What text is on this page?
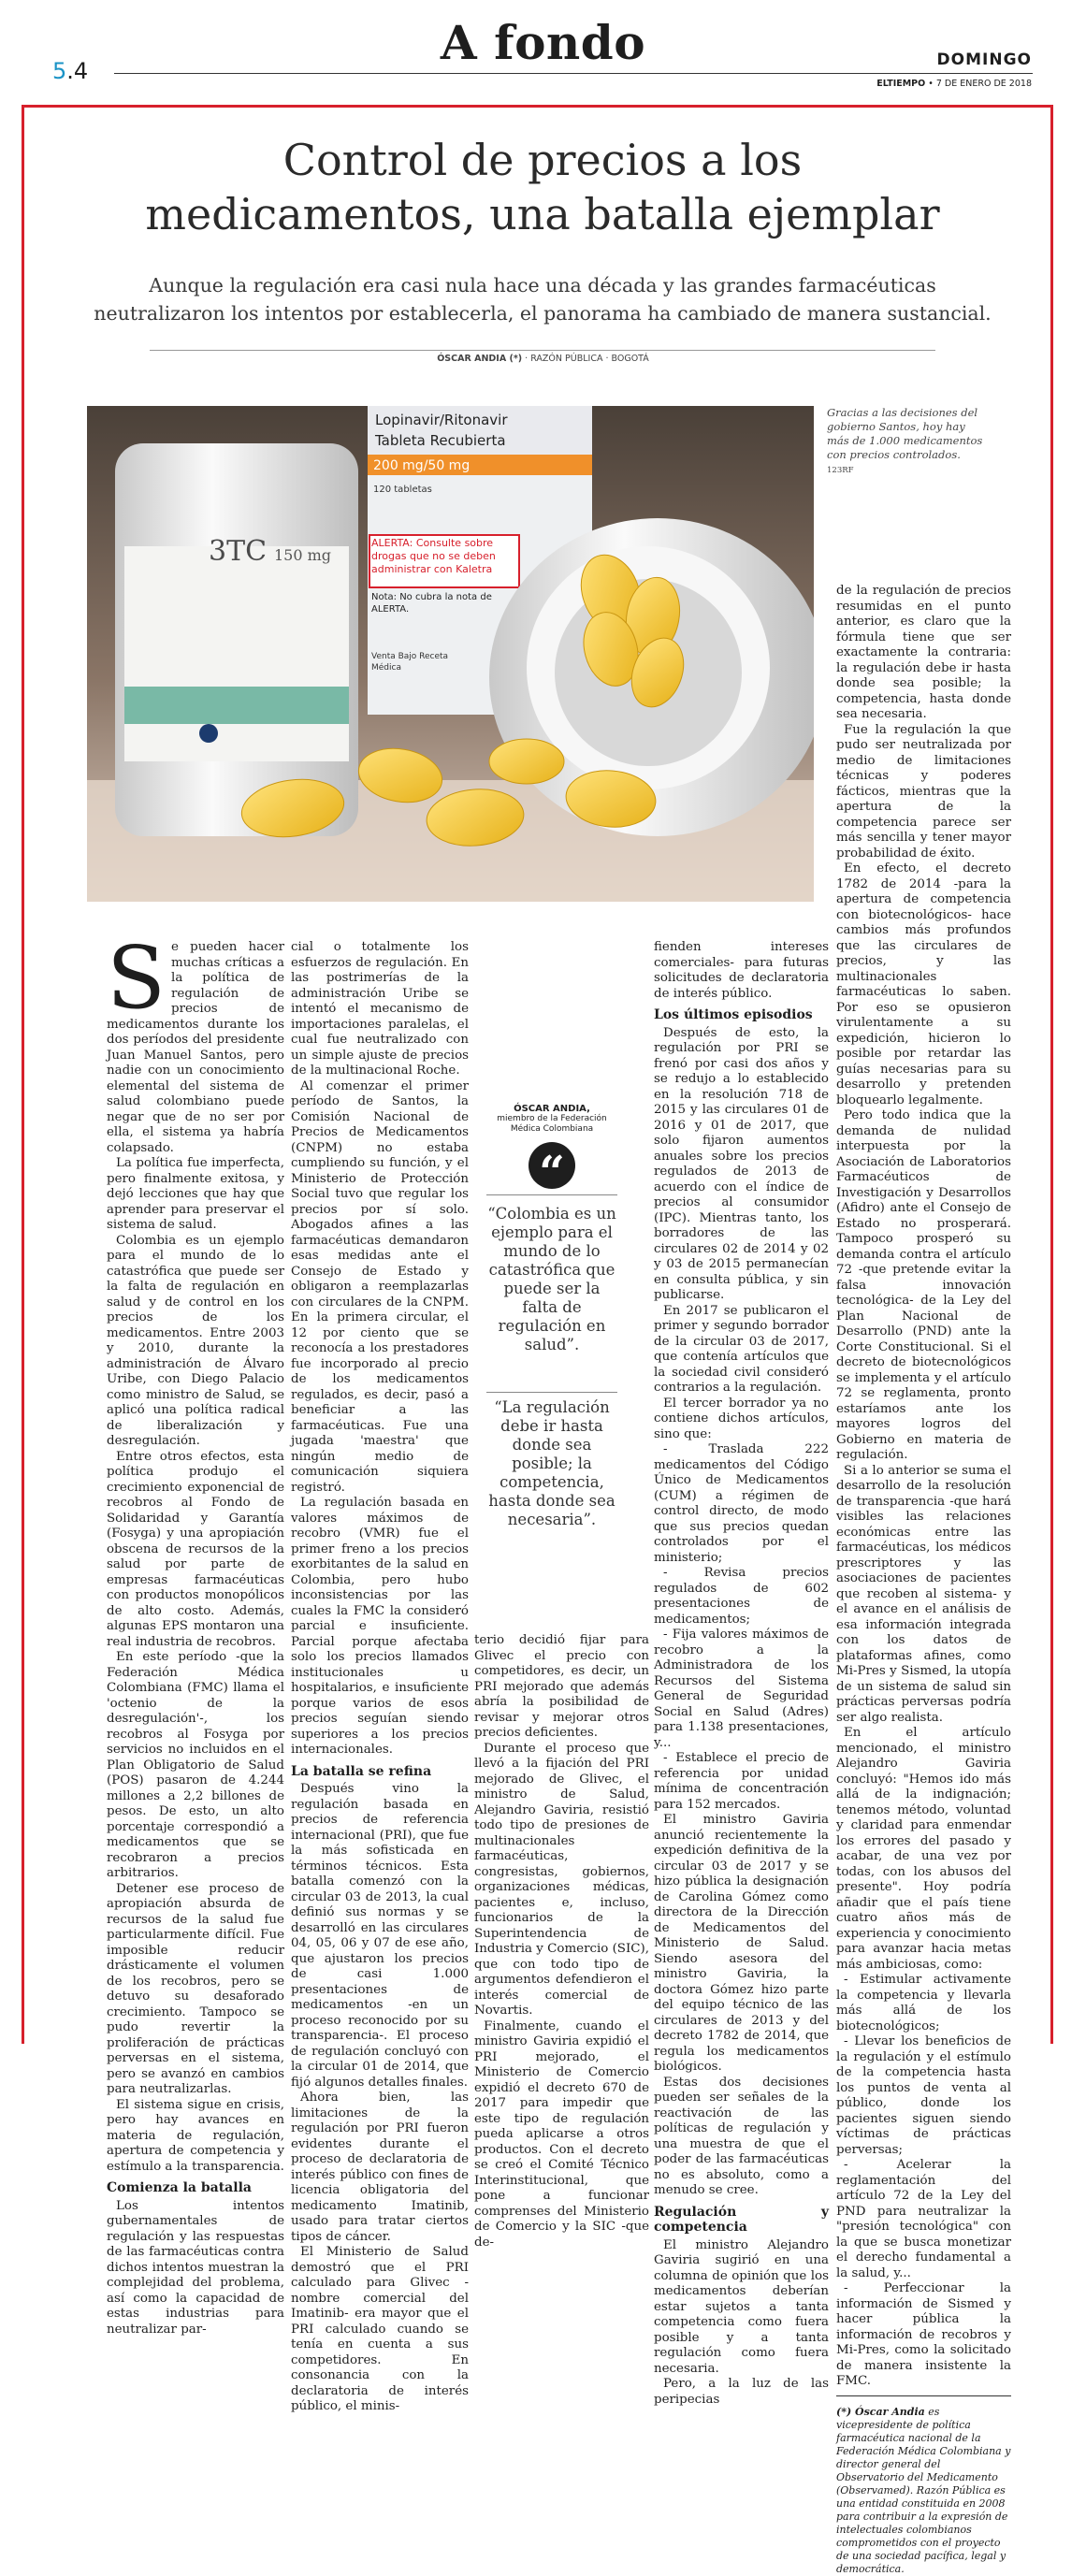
5.4
A fondo	DOMINGO
ELTIEMPO • 7 DE ENERO DE 2018
Control de precios a los
medicamentos, una batalla ejemplar
Aunque la regulación era casi nula hace una década y las grandes farmacéuticas neutralizaron los intentos por establecerla, el panorama ha cambiado de manera sustancial.
ÓSCAR ANDIA (*) · RAZÓN PÚBLICA · BOGOTÁ
3TC 150 mg
Lopinavir/Ritonavir
Tableta Recubierta
200 mg/50 mg
120 tabletas
ALERTA: Consulte sobre drogas que no se deben administrar con Kaletra
Nota: No cubra la nota de ALERTA.
Venta Bajo Receta Médica
Gracias a las decisiones del gobierno Santos, hoy hay más de 1.000 medicamentos con precios controlados. 123RF

Se pueden hacer muchas críticas a la política de regulación de precios de medicamentos durante los dos períodos del presidente Juan Manuel Santos, pero nadie con un conocimiento elemental del sistema de salud colombiano puede negar que de no ser por ella, el sistema ya habría colapsado.

La política fue imperfecta, pero finalmente exitosa, y dejó lecciones que hay que aprender para preservar el sistema de salud.

Colombia es un ejemplo para el mundo de lo catastrófica que puede ser la falta de regulación en salud y de control en los precios de los medicamentos. Entre 2003 y 2010, durante la administración de Álvaro Uribe, con Diego Palacio como ministro de Salud, se aplicó una política radical de liberalización y desregulación.

Entre otros efectos, esta política produjo el crecimiento exponencial de recobros al Fondo de Solidaridad y Garantía (Fosyga) y una apropiación obscena de recursos de la salud por parte de empresas farmacéuticas con productos monopólicos de alto costo. Además, algunas EPS montaron una real industria de recobros.

En este período -que la Federación Médica Colombiana (FMC) llama el 'octenio de la desregulación'-, los recobros al Fosyga por servicios no incluidos en el Plan Obligatorio de Salud (POS) pasaron de 4.244 millones a 2,2 billones de pesos. De esto, un alto porcentaje correspondió a medicamentos que se recobraron a precios arbitrarios.

Detener ese proceso de apropiación absurda de recursos de la salud fue particularmente difícil. Fue imposible reducir drásticamente el volumen de los recobros, pero se detuvo su desaforado crecimiento. Tampoco se pudo revertir la proliferación de prácticas perversas en el sistema, pero se avanzó en cambios para neutralizarlas.

El sistema sigue en crisis, pero hay avances en materia de regulación, apertura de competencia y estímulo a la transparencia.

Comienza la batalla

Los intentos gubernamentales de regulación y las respuestas de las farmacéuticas contra dichos intentos muestran la complejidad del problema, así como la capacidad de estas industrias para neutralizar par-

cial o totalmente los esfuerzos de regulación. En las postrimerías de la administración Uribe se intentó el mecanismo de importaciones paralelas, el cual fue neutralizado con un simple ajuste de precios de la multinacional Roche.

Al comenzar el primer período de Santos, la Comisión Nacional de Precios de Medicamentos (CNPM) no estaba cumpliendo su función, y el Ministerio de Protección Social tuvo que regular los precios por sí solo. Abogados afines a las farmacéuticas demandaron esas medidas ante el Consejo de Estado y obligaron a reemplazarlas con circulares de la CNPM. En la primera circular, el 12 por ciento que se reconocía a los prestadores fue incorporado al precio de los medicamentos regulados, es decir, pasó a beneficiar a las farmacéuticas. Fue una jugada 'maestra' que ningún medio de comunicación siquiera registró.

La regulación basada en valores máximos de recobro (VMR) fue el primer freno a los precios exorbitantes de la salud en Colombia, pero hubo inconsistencias por las cuales la FMC la consideró parcial e insuficiente. Parcial porque afectaba solo los precios llamados institucionales u hospitalarios, e insuficiente porque varios de esos precios seguían siendo superiores a los precios internacionales.

La batalla se refina

Después vino la regulación basada en precios de referencia internacional (PRI), que fue la más sofisticada en términos técnicos. Esta batalla comenzó con la circular 03 de 2013, la cual definió sus normas y se desarrolló en las circulares 04, 05, 06 y 07 de ese año, que ajustaron los precios de casi 1.000 presentaciones de medicamentos -en un proceso reconocido por su transparencia-. El proceso de regulación concluyó con la circular 01 de 2014, que fijó algunos detalles finales.

Ahora bien, las limitaciones de la regulación por PRI fueron evidentes durante el proceso de declaratoria de interés público con fines de licencia obligatoria del medicamento Imatinib, usado para tratar ciertos tipos de cáncer.

El Ministerio de Salud demostró que el PRI calculado para Glivec -nombre comercial del Imatinib- era mayor que el PRI calculado cuando se tenía en cuenta a sus competidores. En consonancia con la declaratoria de interés público, el minis-

ÓSCAR ANDIA,
miembro de la Federación Médica Colombiana
“
“Colombia es un ejemplo para el mundo de lo catastrófica que puede ser la falta de regulación en salud”.
“La regulación debe ir hasta donde sea posible; la competencia, hasta donde sea necesaria”.

terio decidió fijar para Glivec el precio con competidores, es decir, un PRI mejorado que además abría la posibilidad de revisar y mejorar otros precios deficientes.

Durante el proceso que llevó a la fijación del PRI mejorado de Glivec, el ministro de Salud, Alejandro Gaviria, resistió todo tipo de presiones de multinacionales farmacéuticas, congresistas, gobiernos, organizaciones médicas, pacientes e, incluso, funcionarios de la Superintendencia de Industria y Comercio (SIC), que con todo tipo de argumentos defendieron el interés comercial de Novartis.

Finalmente, cuando el ministro Gaviria expidió el PRI mejorado, el Ministerio de Comercio expidió el decreto 670 de 2017 para impedir que este tipo de regulación pueda aplicarse a otros productos. Con el decreto se creó el Comité Técnico Interinstitucional, que pone a funcionar comprenses del Ministerio de Comercio y la SIC -que de-

fienden intereses comerciales- para futuras solicitudes de declaratoria de interés público.

Los últimos episodios

Después de esto, la regulación por PRI se frenó por casi dos años y se redujo a lo establecido en la resolución 718 de 2015 y las circulares 01 de 2016 y 01 de 2017, que solo fijaron aumentos anuales sobre los precios regulados de 2013 de acuerdo con el índice de precios al consumidor (IPC). Mientras tanto, los borradores de las circulares 02 de 2014 y 02 y 03 de 2015 permanecían en consulta pública, y sin publicarse.

En 2017 se publicaron el primer y segundo borrador de la circular 03 de 2017, que contenía artículos que la sociedad civil consideró contrarios a la regulación.

El tercer borrador ya no contiene dichos artículos, sino que:

- Traslada 222 medicamentos del Código Único de Medicamentos (CUM) a régimen de control directo, de modo que sus precios quedan controlados por el ministerio;

- Revisa precios regulados de 602 presentaciones de medicamentos;

- Fija valores máximos de recobro a la Administradora de los Recursos del Sistema General de Seguridad Social en Salud (Adres) para 1.138 presentaciones, y...

- Establece el precio de referencia por unidad mínima de concentración para 152 mercados.

El ministro Gaviria anunció recientemente la expedición definitiva de la circular 03 de 2017 y se hizo pública la designación de Carolina Gómez como directora de la Dirección de Medicamentos del Ministerio de Salud. Siendo asesora del ministro Gaviria, la doctora Gómez hizo parte del equipo técnico de las circulares de 2013 y del decreto 1782 de 2014, que regula los medicamentos biológicos.

Estas dos decisiones pueden ser señales de la reactivación de las políticas de regulación y una muestra de que el poder de las farmacéuticas no es absoluto, como a menudo se cree.

Regulación y competencia

El ministro Alejandro Gaviria sugirió en una columna de opinión que los medicamentos deberían estar sujetos a tanta competencia como fuera posible y a tanta regulación como fuera necesaria.

Pero, a la luz de las peripecias

de la regulación de precios resumidas en el punto anterior, es claro que la fórmula tiene que ser exactamente la contraria: la regulación debe ir hasta donde sea posible; la competencia, hasta donde sea necesaria.

Fue la regulación la que pudo ser neutralizada por medio de limitaciones técnicas y poderes fácticos, mientras que la apertura de la competencia parece ser más sencilla y tener mayor probabilidad de éxito.

En efecto, el decreto 1782 de 2014 -para la apertura de competencia con biotecnológicos- hace cambios más profundos que las circulares de precios, y las multinacionales farmacéuticas lo saben. Por eso se opusieron virulentamente a su expedición, hicieron lo posible por retardar las guías necesarias para su desarrollo y pretenden bloquearlo legalmente.

Pero todo indica que la demanda de nulidad interpuesta por la Asociación de Laboratorios Farmacéuticos de Investigación y Desarrollos (Afidro) ante el Consejo de Estado no prosperará. Tampoco prosperó su demanda contra el artículo 72 -que pretende evitar la falsa innovación tecnológica- de la Ley del Plan Nacional de Desarrollo (PND) ante la Corte Constitucional. Si el decreto de biotecnológicos se implementa y el artículo 72 se reglamenta, pronto estaríamos ante los mayores logros del Gobierno en materia de regulación.

Si a lo anterior se suma el desarrollo de la resolución de transparencia -que hará visibles las relaciones económicas entre las farmacéuticas, los médicos prescriptores y las asociaciones de pacientes que recoben al sistema- y el avance en el análisis de esa información integrada con los datos de plataformas afines, como Mi-Pres y Sismed, la utopía de un sistema de salud sin prácticas perversas podría ser algo realista.

En el artículo mencionado, el ministro Alejandro Gaviria concluyó: "Hemos ido más allá de la indignación; tenemos método, voluntad y claridad para enmendar los errores del pasado y acabar, de una vez por todas, con los abusos del presente". Hoy podría añadir que el país tiene cuatro años más de experiencia y conocimiento para avanzar hacia metas más ambiciosas, como:

- Estimular activamente la competencia y llevarla más allá de los biotecnológicos;

- Llevar los beneficios de la regulación y el estímulo de la competencia hasta los puntos de venta al público, donde los pacientes siguen siendo víctimas de prácticas perversas;

- Acelerar la reglamentación del artículo 72 de la Ley del PND para neutralizar la "presión tecnológica" con la que se busca monetizar el derecho fundamental a la salud, y...

- Perfeccionar la información de Sismed y hacer pública la información de recobros y Mi-Pres, como la solicitado de manera insistente la FMC.

(*) Óscar Andia es vicepresidente de política farmacéutica nacional de la Federación Médica Colombiana y director general del Observatorio del Medicamento (Observamed). Razón Pública es una entidad constituida en 2008 para contribuir a la expresión de intelectuales colombianos comprometidos con el proyecto de una sociedad pacífica, legal y democrática.
